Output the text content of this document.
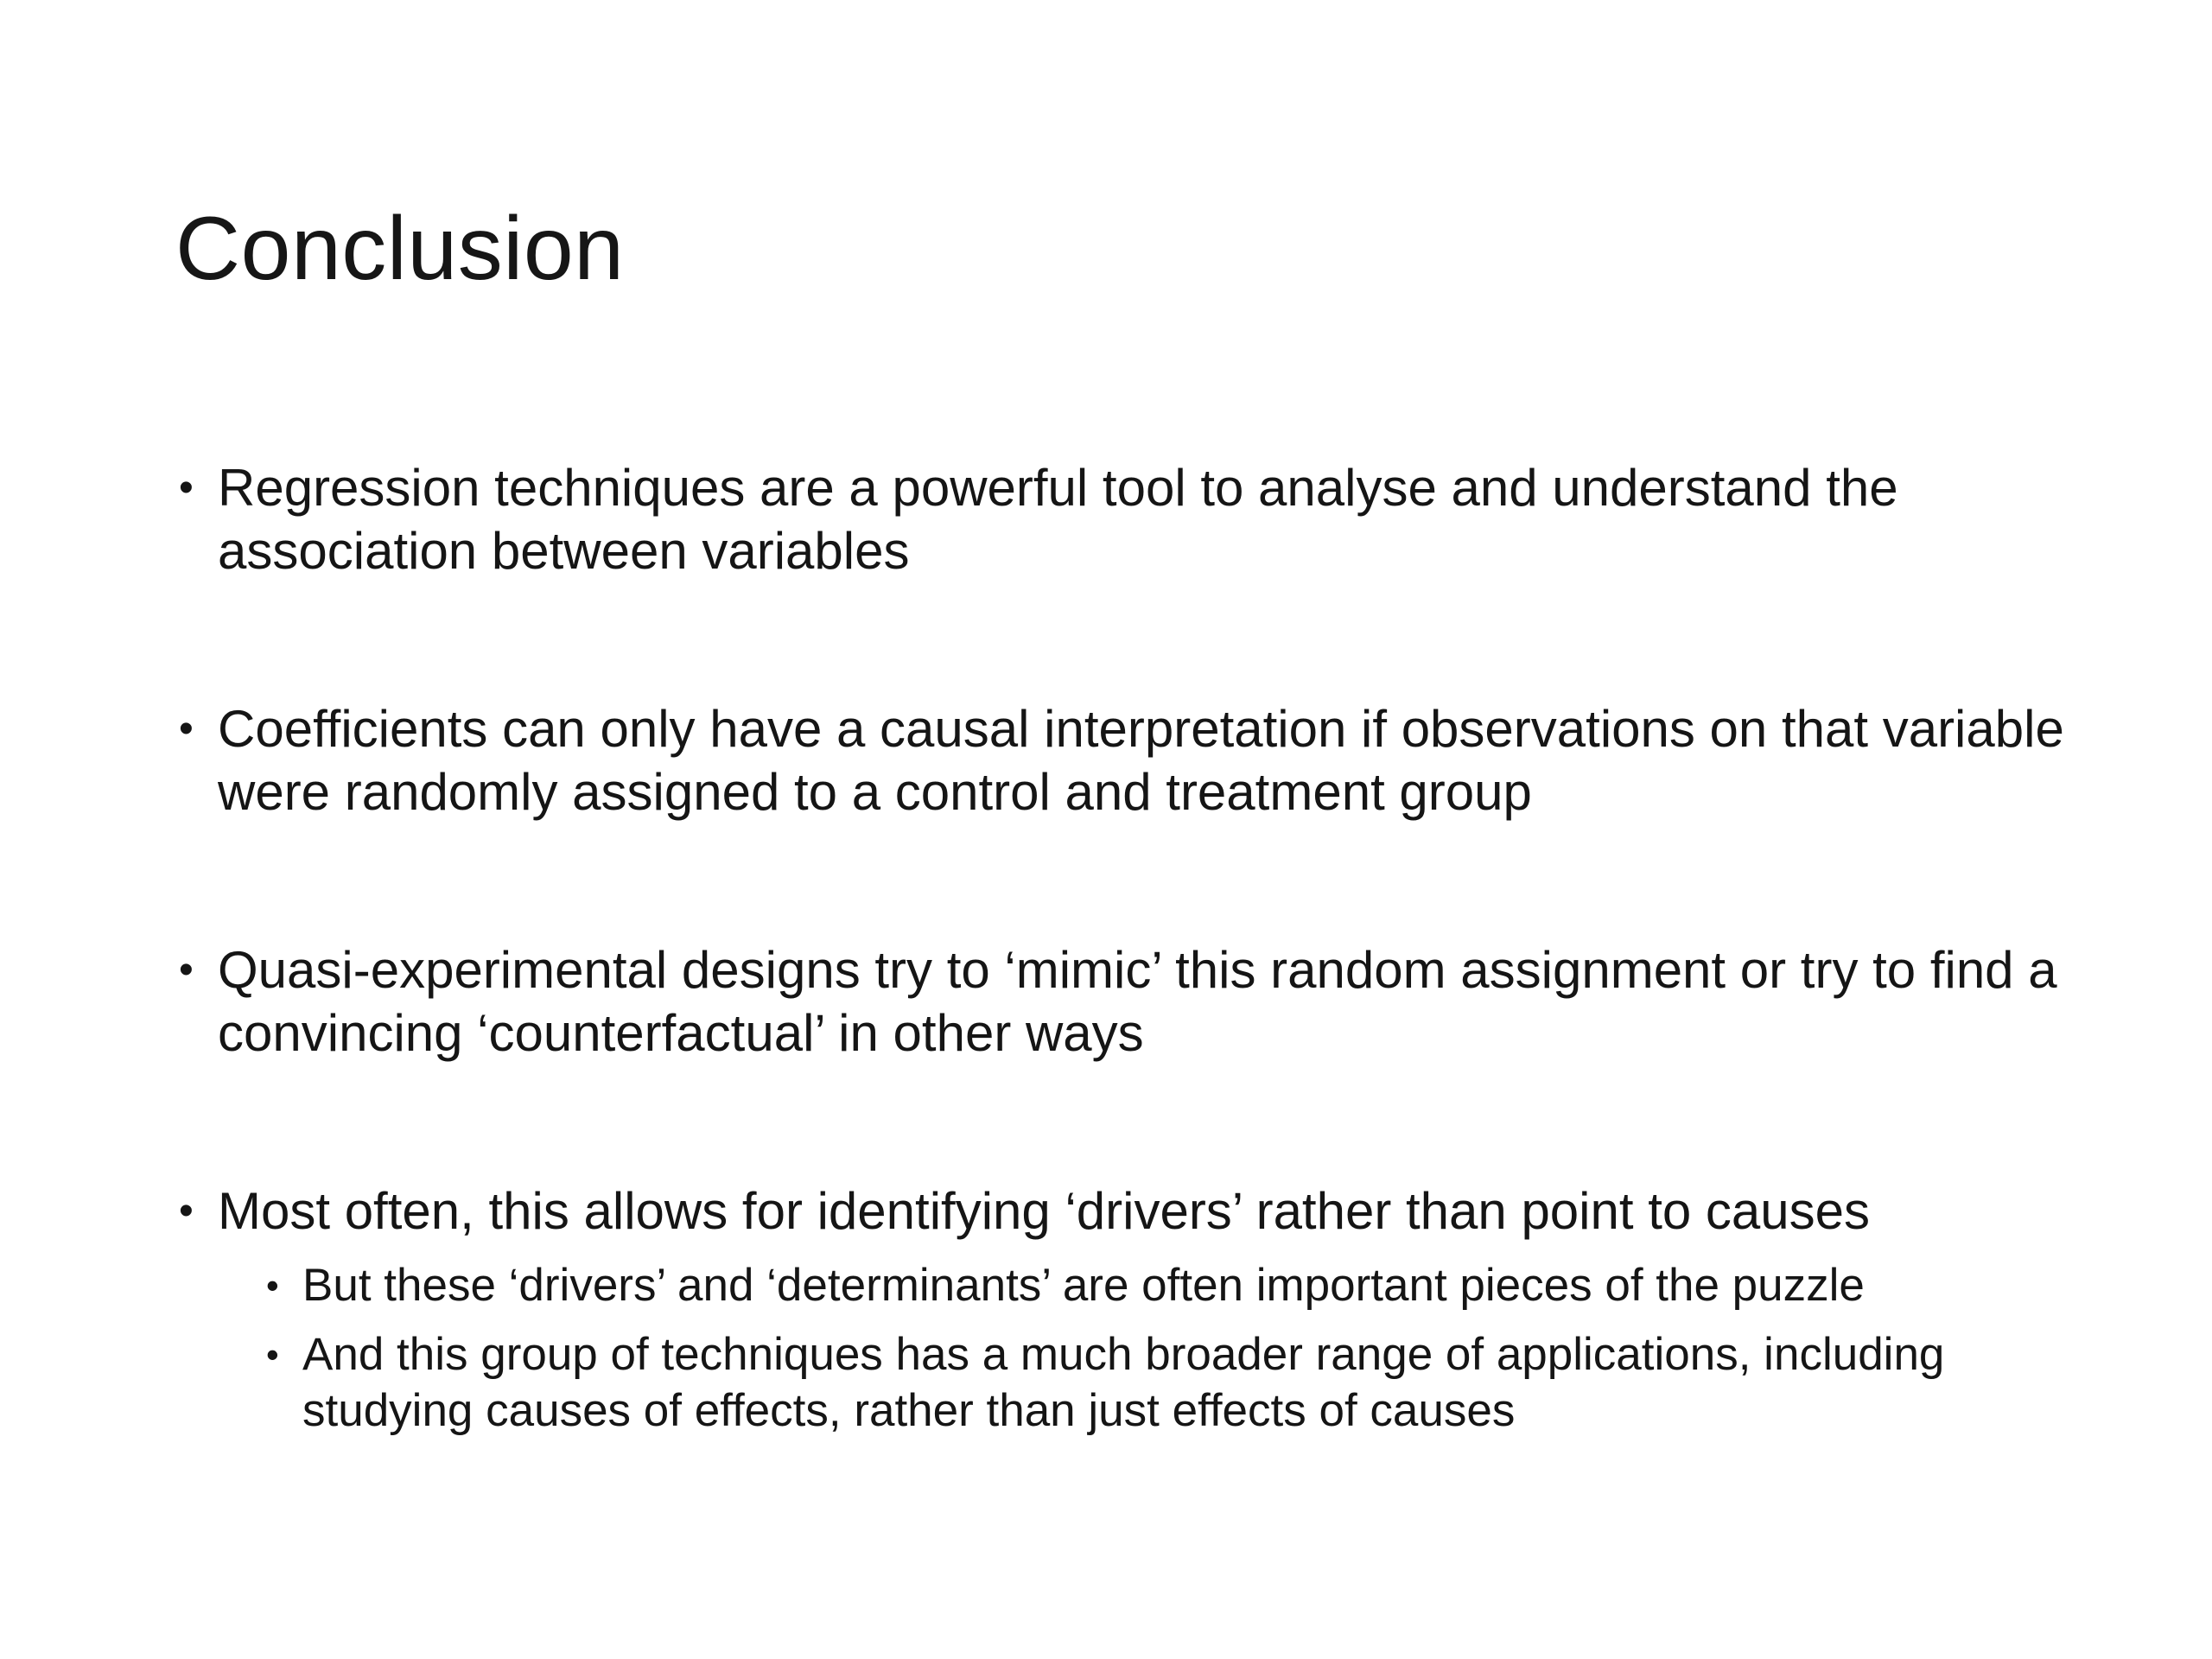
Conclusion
• Regression techniques are a powerful tool to analyse and understand the association between variables
• Coefficients can only have a causal interpretation if observations on that variable were randomly assigned to a control and treatment group
• Quasi-experimental designs try to ‘mimic’ this random assignment or try to find a convincing ‘counterfactual’ in other ways
• Most often, this allows for identifying ‘drivers’ rather than point to causes
• But these ‘drivers’ and ‘determinants’ are often important pieces of the puzzle
• And this group of techniques has a much broader range of applications, including studying causes of effects, rather than just effects of causes
